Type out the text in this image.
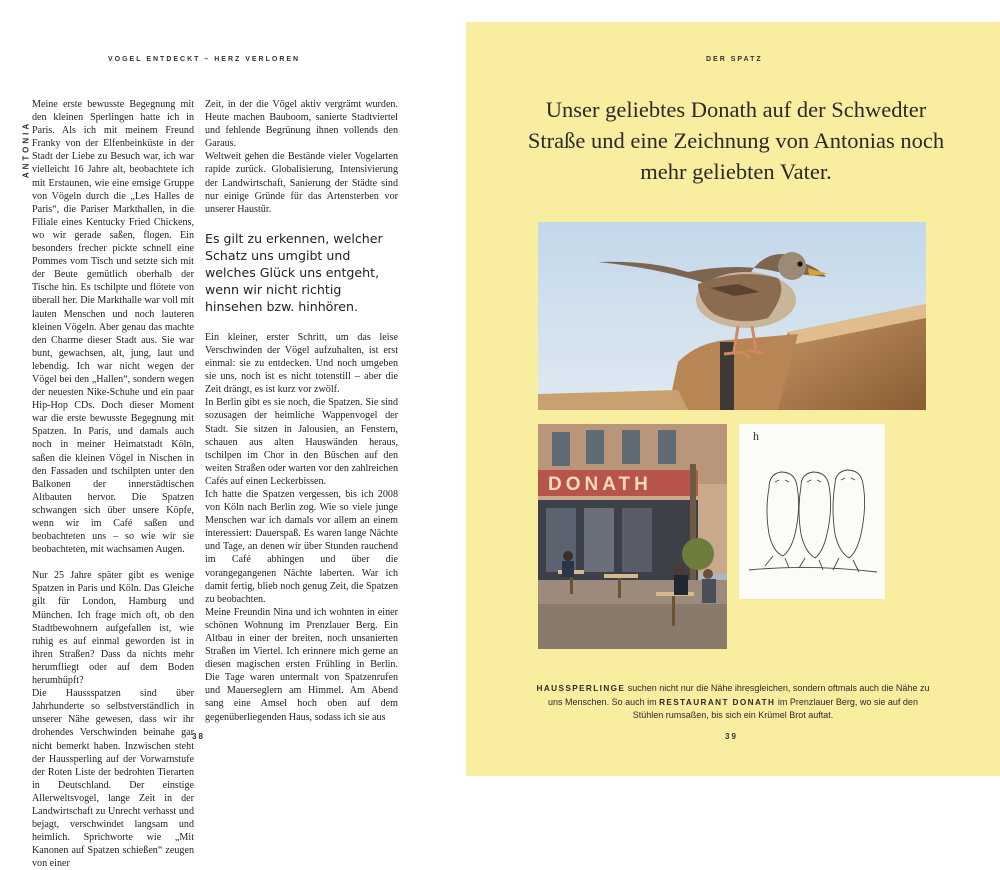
VOGEL ENTDECKT – HERZ VERLOREN
ANTONIA

Meine erste bewusste Begegnung mit den kleinen Sperlingen hatte ich in Paris. Als ich mit meinem Freund Franky von der Elfenbeinküste in der Stadt der Liebe zu Besuch war, ich war vielleicht 16 Jahre alt, beobachtete ich mit Erstaunen, wie eine emsige Gruppe von Vögeln durch die „Les Halles de Paris“, die Pariser Markthallen, in die Filiale eines Kentucky Fried Chickens, wo wir gerade saßen, flogen. Ein besonders frecher pickte schnell eine Pommes vom Tisch und setzte sich mit der Beute gemütlich oberhalb der Tische hin. Es tschilpte und flötete von überall her. Die Markthalle war voll mit lauten Menschen und noch lauteren kleinen Vögeln. Aber genau das machte den Charme dieser Stadt aus. Sie war bunt, gewachsen, alt, jung, laut und lebendig. Ich war nicht wegen der Vögel bei den „Hallen“, sondern wegen der neuesten Nike-Schuhe und ein paar Hip-Hop CDs. Doch dieser Moment war die erste bewusste Begegnung mit Spatzen. In Paris, und damals auch noch in meiner Heimatstadt Köln, saßen die kleinen Vögel in Nischen in den Fassaden und tschilpten unter den Balkonen der innerstädtischen Altbauten hervor. Die Spatzen schwangen sich über unsere Köpfe, wenn wir im Café saßen und beobachteten uns – so wie wir sie beobachteten, mit wachsamen Augen.

Nur 25 Jahre später gibt es wenige Spatzen in Paris und Köln. Das Gleiche gilt für London, Hamburg und München. Ich frage mich oft, ob den Stadtbewohnern aufgefallen ist, wie ruhig es auf einmal geworden ist in ihren Straßen? Dass da nichts mehr herumfliegt oder auf dem Boden herumhüpft?

Die Haussspatzen sind über Jahrhunderte so selbstverständlich in unserer Nähe gewesen, dass wir ihr drohendes Verschwinden beinahe gar nicht bemerkt haben. Inzwischen steht der Haussperling auf der Vorwarnstufe der Roten Liste der bedrohten Tierarten in Deutschland. Der einstige Allerweltsvogel, lange Zeit in der Landwirtschaft zu Unrecht verhasst und bejagt, verschwindet langsam und heimlich. Sprichworte wie „Mit Kanonen auf Spatzen schießen“ zeugen von einer

Zeit, in der die Vögel aktiv vergrämt wurden. Heute machen Bauboom, sanierte Stadtviertel und fehlende Begrünung ihnen vollends den Garaus.

Weltweit gehen die Bestände vieler Vogelarten rapide zurück. Globalisierung, Intensivierung der Landwirtschaft, Sanierung der Städte sind nur einige Gründe für das Artensterben vor unserer Haustür.

Es gilt zu erkennen, welcher Schatz uns umgibt und welches Glück uns entgeht, wenn wir nicht richtig hinsehen bzw. hinhören.

Ein kleiner, erster Schritt, um das leise Verschwinden der Vögel aufzuhalten, ist erst einmal: sie zu entdecken. Und noch umgeben sie uns, noch ist es nicht totenstill – aber die Zeit drängt, es ist kurz vor zwölf.

In Berlin gibt es sie noch, die Spatzen. Sie sind sozusagen der heimliche Wappenvogel der Stadt. Sie sitzen in Jalousien, an Fenstern, schauen aus alten Hauswänden heraus, tschilpen im Chor in den Büschen auf den weiten Straßen oder warten vor den zahlreichen Cafés auf einen Leckerbissen.

Ich hatte die Spatzen vergessen, bis ich 2008 von Köln nach Berlin zog. Wie so viele junge Menschen war ich damals vor allem an einem interessiert: Dauerspaß. Es waren lange Nächte und Tage, an denen wir über Stunden rauchend im Café abhingen und über die vorangegangenen Nächte laberten. War ich damit fertig, blieb noch genug Zeit, die Spatzen zu beobachten.

Meine Freundin Nina und ich wohnten in einer schönen Wohnung im Prenzlauer Berg. Ein Altbau in einer der breiten, noch unsanierten Straßen im Viertel. Ich erinnere mich gerne an diesen magischen ersten Frühling in Berlin. Die Tage waren untermalt von Spatzenrufen und Mauerseglern am Himmel. Am Abend sang eine Amsel hoch oben auf dem gegenüberliegenden Haus, sodass ich sie aus

38
DER SPATZ
Unser geliebtes Donath auf der Schwedter Straße und eine Zeichnung von Antonias noch mehr geliebten Vater.
DONATH
h
HAUSSPERLINGE suchen nicht nur die Nähe ihresgleichen, sondern oftmals auch die Nähe zu uns Menschen. So auch im RESTAURANT DONATH im Prenzlauer Berg, wo sie auf den Stühlen rumsaßen, bis sich ein Krümel Brot auftat.
39
